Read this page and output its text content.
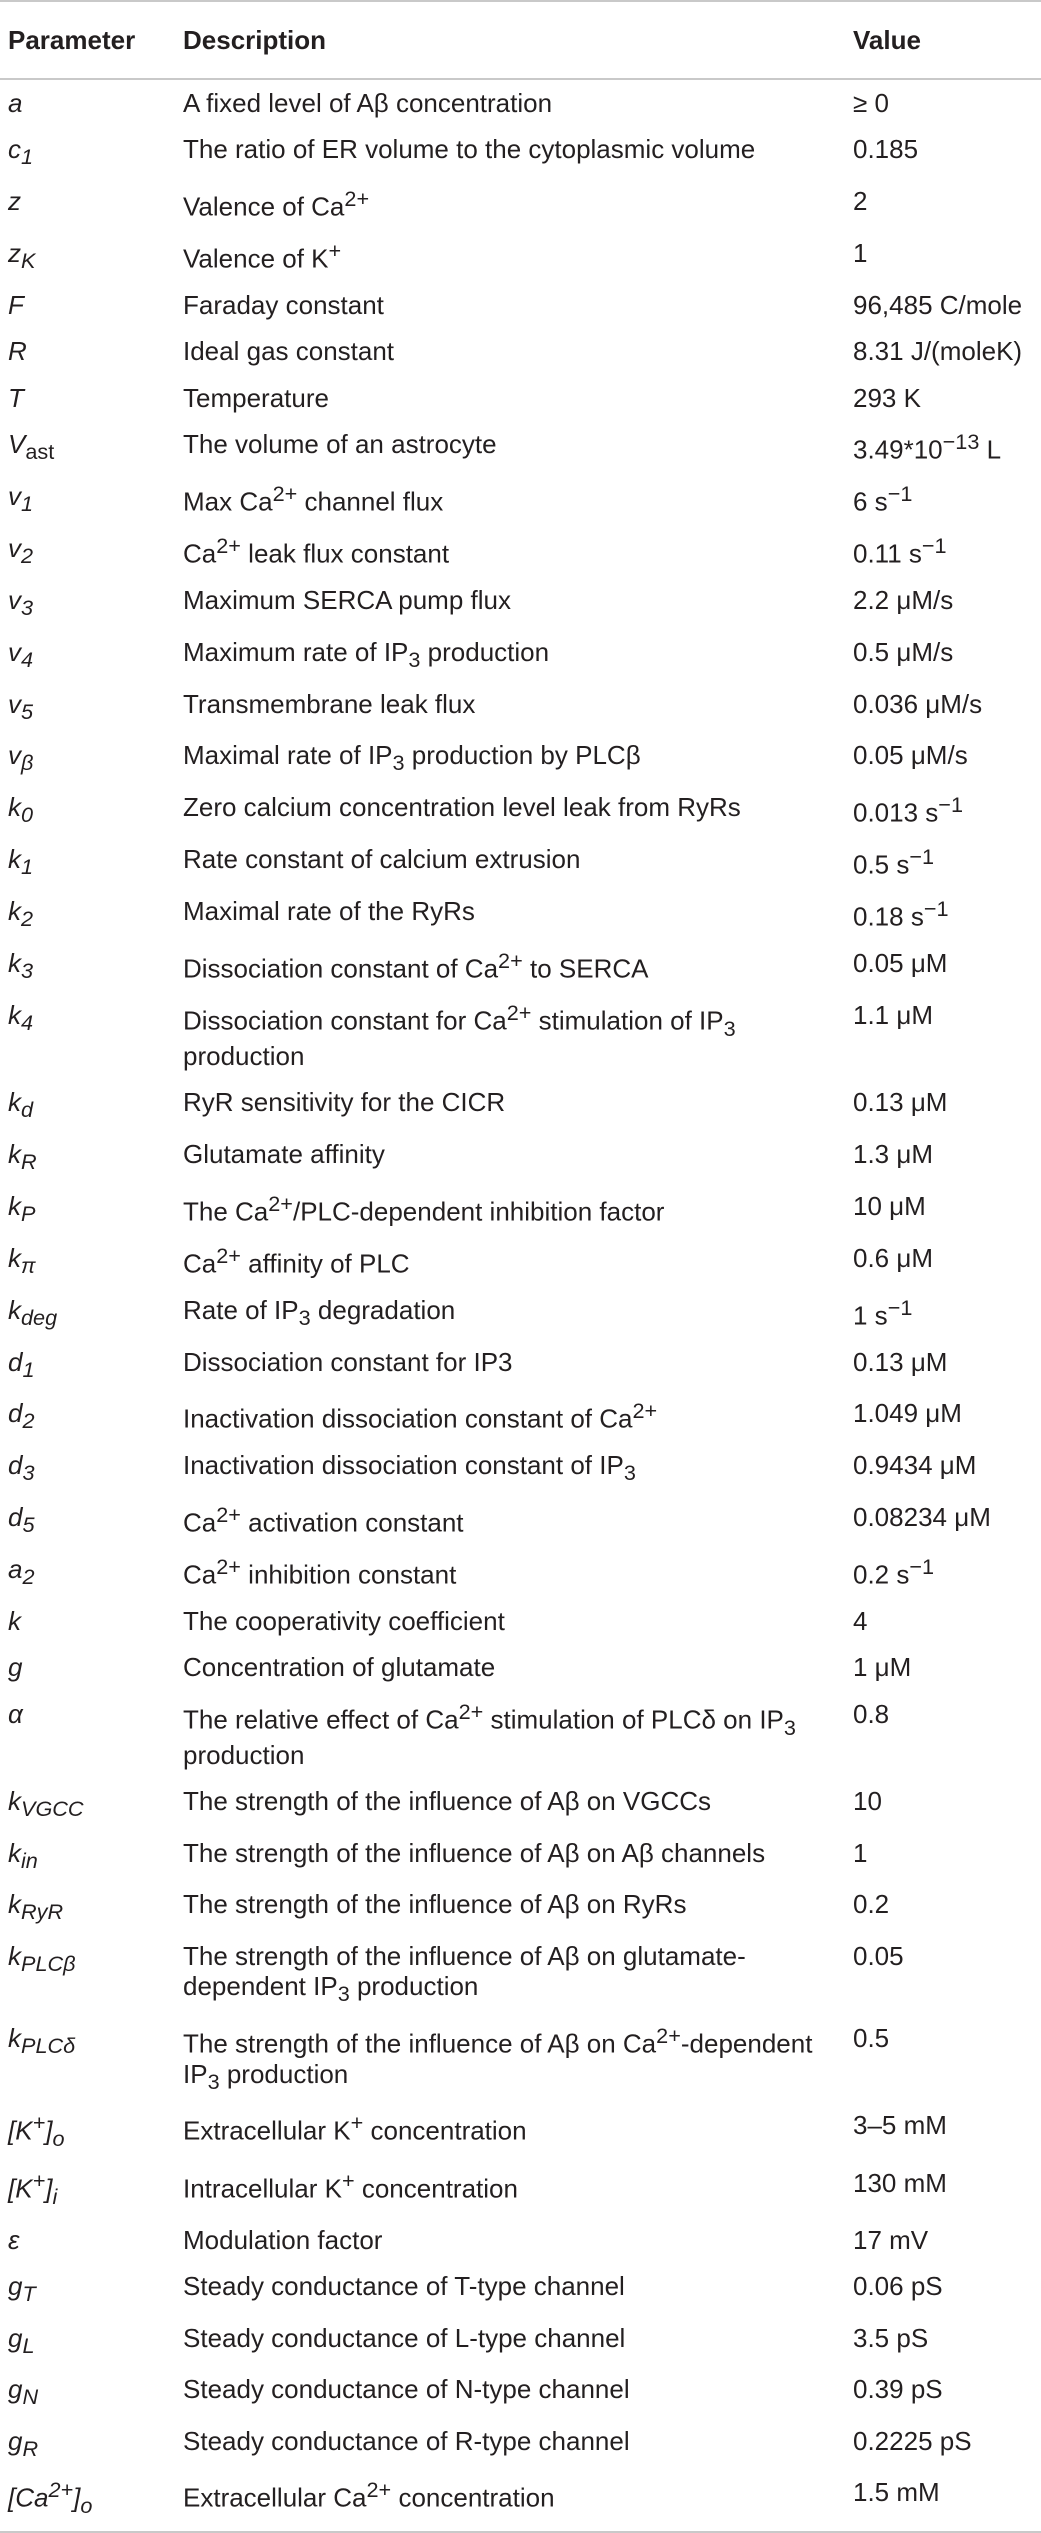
Parameter	Description	Value
a	A fixed level of Aβ concentration	≥ 0
$c_1$	The ratio of ER volume to the cytoplasmic volume	0.185
z	Valence of $Ca^{2+}$	2
$z_K$	Valence of K+	1
F	Faraday constant	96,485 C/mole
R	Ideal gas constant	8.31 J/(moleK)
T	Temperature	293 K
$V_{ast}$	The volume of an astrocyte	$3.49*10^{-13}$ L
$v_1$	Max $Ca^{2+}$ channel flux	6 $s^{-1}$
$v_2$	$Ca^{2+}$ leak flux constant	0.11 $s^{-1}$
$v_3$	Maximum SERCA pump flux	2.2 μM/s
$v_4$	Maximum rate of $IP_3$ production	0.5 μM/s
$v_5$	Transmembrane leak flux	0.036 μM/s
$v_\beta$	Maximal rate of $IP_3$ production by PLCβ	0.05 μM/s
$k_0$	Zero calcium concentration level leak from RyRs	0.013 $s^{-1}$
$k_1$	Rate constant of calcium extrusion	0.5 $s^{-1}$
$k_2$	Maximal rate of the RyRs	0.18 $s^{-1}$
$k_3$	Dissociation constant of $Ca^{2+}$ to SERCA	0.05 μM
$k_4$	Dissociation constant for $Ca^{2+}$ stimulation of $IP_3$ production	1.1 μM
$k_d$	RyR sensitivity for the CICR	0.13 μM
$k_R$	Glutamate affinity	1.3 μM
$k_P$	The $Ca^{2+}/PLC$-dependent inhibition factor	10 μM
$k_\pi$	$Ca^{2+}$ affinity of PLC	0.6 μM
$k_{deg}$	Rate of $IP_3$ degradation	1 $s^{-1}$
$d_1$	Dissociation constant for IP3	0.13 μM
$d_2$	Inactivation dissociation constant of $Ca^{2+}$	1.049 μM
$d_3$	Inactivation dissociation constant of $IP_3$	0.9434 μM
$d_5$	$Ca^{2+}$ activation constant	0.08234 μM
$a_2$	$Ca^{2+}$ inhibition constant	0.2 $s^{-1}$
k	The cooperativity coefficient	4
g	Concentration of glutamate	1 μM
α	The relative effect of $Ca^{2+}$ stimulation of PLCδ on $IP_3$ production	0.8
$k_{VGCC}$	The strength of the influence of Aβ on VGCCs	10
$k_{in}$	The strength of the influence of Aβ on Aβ channels	1
$k_{RyR}$	The strength of the influence of Aβ on RyRs	0.2
$k_{PLC\beta}$	The strength of the influence of Aβ on glutamate-dependent $IP_3$ production	0.05
$k_{PLC\delta}$	The strength of the influence of Aβ on $Ca^{2+}$-dependent $IP_3$ production	0.5
$[K^+]_o$	Extracellular K+ concentration	3–5 mM
$[K^+]_i$	Intracellular K+ concentration	130 mM
ε	Modulation factor	17 mV
$g_T$	Steady conductance of T-type channel	0.06 pS
$g_L$	Steady conductance of L-type channel	3.5 pS
$g_N$	Steady conductance of N-type channel	0.39 pS
$g_R$	Steady conductance of R-type channel	0.2225 pS
$[Ca^{2+}]_o$	Extracellular $Ca^{2+}$ concentration	1.5 mM
